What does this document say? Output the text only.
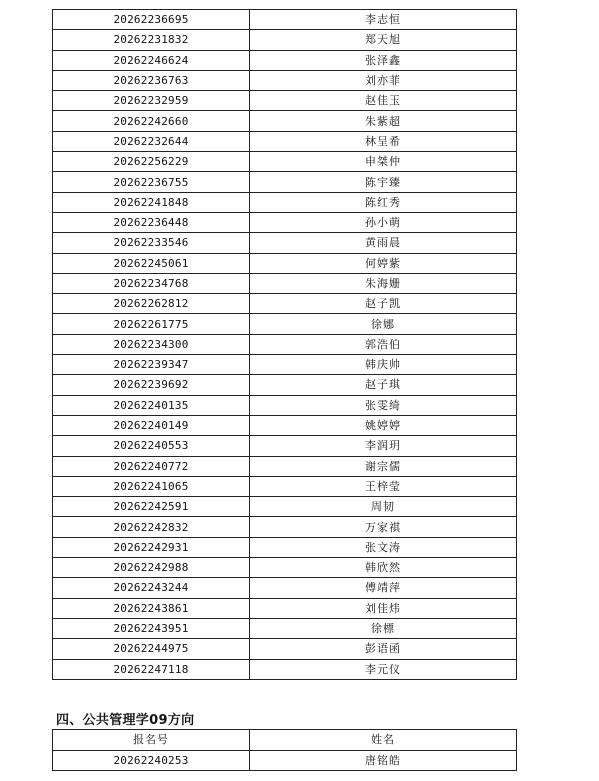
20262236695	李志恒
20262231832	郑天旭
20262246624	张泽鑫
20262236763	刘亦菲
20262232959	赵佳玉
20262242660	朱紫超
20262232644	林呈希
20262256229	申桀仲
20262236755	陈宇臻
20262241848	陈红秀
20262236448	孙小萌
20262233546	黄雨晨
20262245061	何婷紫
20262234768	朱海姗
20262262812	赵子凯
20262261775	徐娜
20262234300	郭浩伯
20262239347	韩庆帅
20262239692	赵子琪
20262240135	张雯绮
20262240149	姚婷婷
20262240553	李润玥
20262240772	谢宗儒
20262241065	王梓莹
20262242591	周韧
20262242832	万家祺
20262242931	张文涛
20262242988	韩欣然
20262243244	傅靖萍
20262243861	刘佳炜
20262243951	徐標
20262244975	彭语函
20262247118	李元仪
四、公共管理学09方向
报名号	姓名
20262240253	唐铭皓
